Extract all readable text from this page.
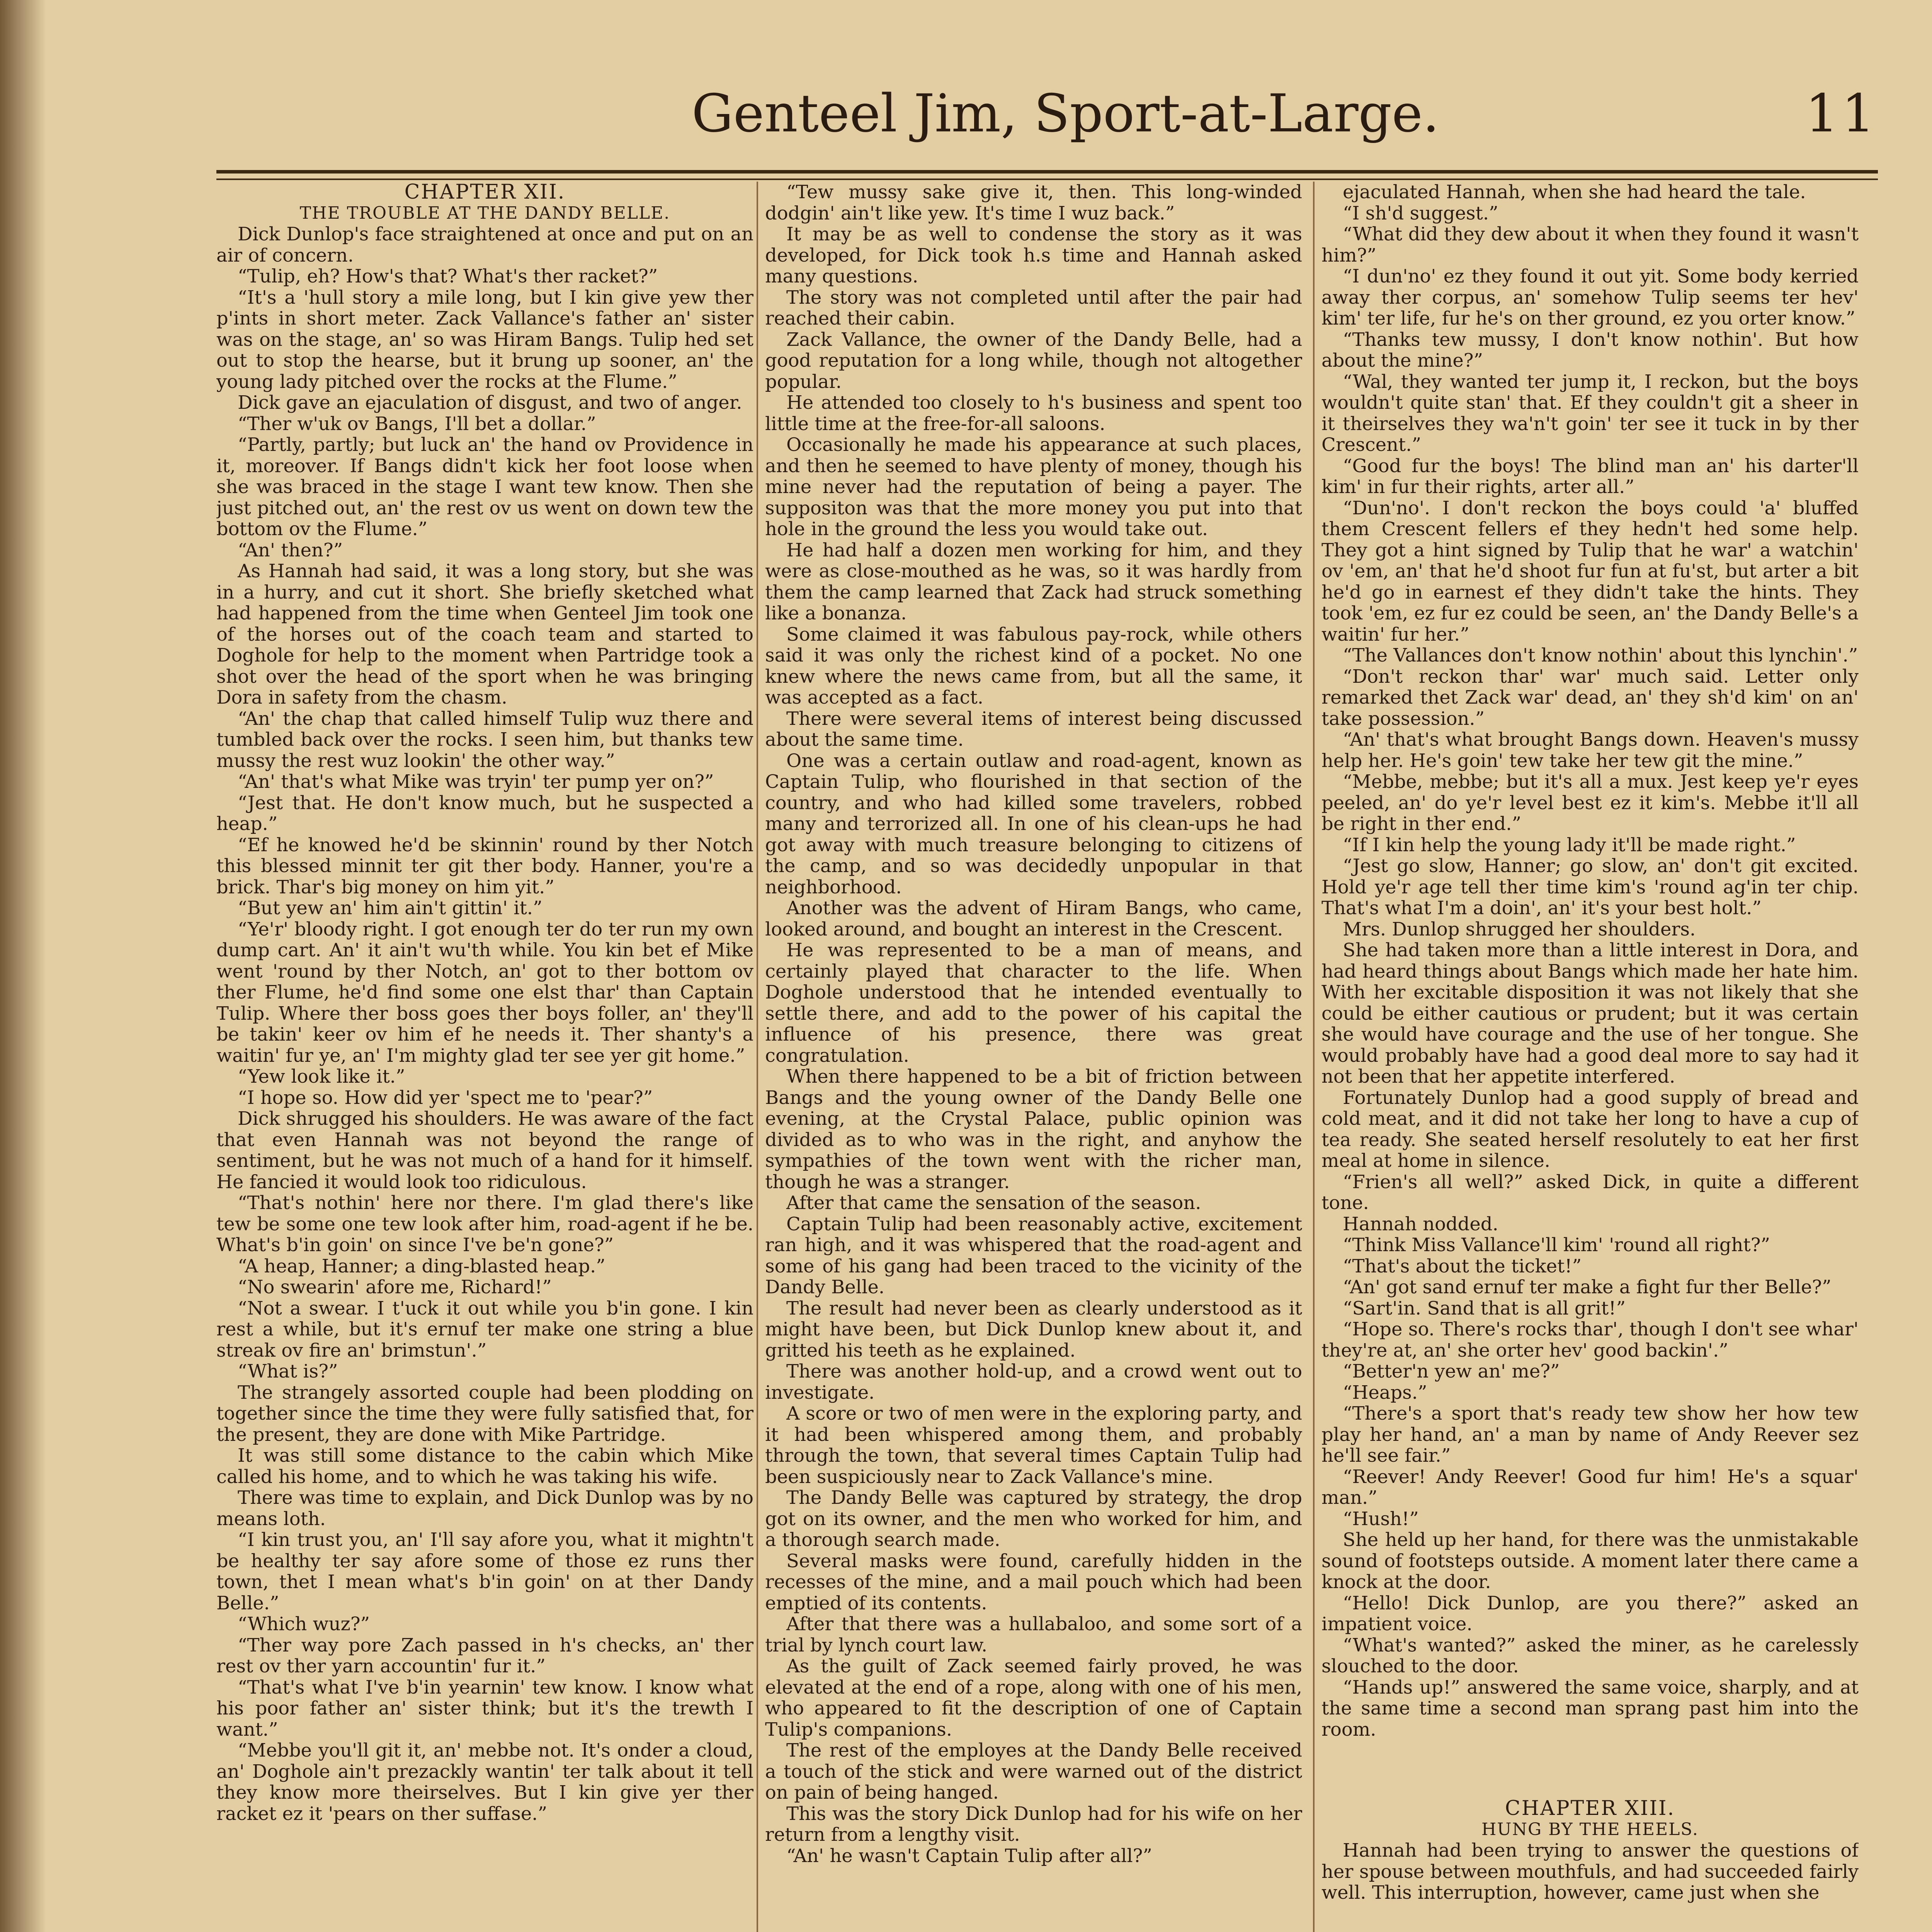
Genteel Jim, Sport-at-Large.	11

CHAPTER XII.

THE TROUBLE AT THE DANDY BELLE.

Dick Dunlop's face straightened at once and put on an air of concern.

“Tulip, eh? How's that? What's ther racket?”

“It's a 'hull story a mile long, but I kin give yew ther p'ints in short meter. Zack Vallance's father an' sister was on the stage, an' so was Hiram Bangs. Tulip hed set out to stop the hearse, but it brung up sooner, an' the young lady pitched over the rocks at the Flume.”

Dick gave an ejaculation of disgust, and two of anger.

“Ther w'uk ov Bangs, I'll bet a dollar.”

“Partly, partly; but luck an' the hand ov Providence in it, moreover. If Bangs didn't kick her foot loose when she was braced in the stage I want tew know. Then she just pitched out, an' the rest ov us went on down tew the bottom ov the Flume.”

“An' then?”

As Hannah had said, it was a long story, but she was in a hurry, and cut it short. She briefly sketched what had happened from the time when Genteel Jim took one of the horses out of the coach team and started to Doghole for help to the moment when Partridge took a shot over the head of the sport when he was bringing Dora in safety from the chasm.

“An' the chap that called himself Tulip wuz there and tumbled back over the rocks. I seen him, but thanks tew mussy the rest wuz lookin' the other way.”

“An' that's what Mike was tryin' ter pump yer on?”

“Jest that. He don't know much, but he suspected a heap.”

“Ef he knowed he'd be skinnin' round by ther Notch this blessed minnit ter git ther body. Hanner, you're a brick. Thar's big money on him yit.”

“But yew an' him ain't gittin' it.”

“Ye'r' bloody right. I got enough ter do ter run my own dump cart. An' it ain't wu'th while. You kin bet ef Mike went 'round by ther Notch, an' got to ther bottom ov ther Flume, he'd find some one elst thar' than Captain Tulip. Where ther boss goes ther boys foller, an' they'll be takin' keer ov him ef he needs it. Ther shanty's a waitin' fur ye, an' I'm mighty glad ter see yer git home.”

“Yew look like it.”

“I hope so. How did yer 'spect me to 'pear?”

Dick shrugged his shoulders. He was aware of the fact that even Hannah was not beyond the range of sentiment, but he was not much of a hand for it himself. He fancied it would look too ridiculous.

“That's nothin' here nor there. I'm glad there's like tew be some one tew look after him, road-agent if he be. What's b'in goin' on since I've be'n gone?”

“A heap, Hanner; a ding-blasted heap.”

“No swearin' afore me, Richard!”

“Not a swear. I t'uck it out while you b'in gone. I kin rest a while, but it's ernuf ter make one string a blue streak ov fire an' brimstun'.”

“What is?”

The strangely assorted couple had been plodding on together since the time they were fully satisfied that, for the present, they are done with Mike Partridge.

It was still some distance to the cabin which Mike called his home, and to which he was taking his wife.

There was time to explain, and Dick Dunlop was by no means loth.

“I kin trust you, an' I'll say afore you, what it mightn't be healthy ter say afore some of those ez runs ther town, thet I mean what's b'in goin' on at ther Dandy Belle.”

“Which wuz?”

“Ther way pore Zach passed in h's checks, an' ther rest ov ther yarn accountin' fur it.”

“That's what I've b'in yearnin' tew know. I know what his poor father an' sister think; but it's the trewth I want.”

“Mebbe you'll git it, an' mebbe not. It's onder a cloud, an' Doghole ain't prezackly wantin' ter talk about it tell they know more theirselves. But I kin give yer ther racket ez it 'pears on ther suffase.”

“Tew mussy sake give it, then. This long-winded dodgin' ain't like yew. It's time I wuz back.”

It may be as well to condense the story as it was developed, for Dick took h.s time and Hannah asked many questions.

The story was not completed until after the pair had reached their cabin.

Zack Vallance, the owner of the Dandy Belle, had a good reputation for a long while, though not altogether popular.

He attended too closely to h's business and spent too little time at the free-for-all saloons.

Occasionally he made his appearance at such places, and then he seemed to have plenty of money, though his mine never had the reputation of being a payer. The suppositon was that the more money you put into that hole in the ground the less you would take out.

He had half a dozen men working for him, and they were as close-mouthed as he was, so it was hardly from them the camp learned that Zack had struck something like a bonanza.

Some claimed it was fabulous pay-rock, while others said it was only the richest kind of a pocket. No one knew where the news came from, but all the same, it was accepted as a fact.

There were several items of interest being discussed about the same time.

One was a certain outlaw and road-agent, known as Captain Tulip, who flourished in that section of the country, and who had killed some travelers, robbed many and terrorized all. In one of his clean-ups he had got away with much treasure belonging to citizens of the camp, and so was decidedly unpopular in that neighborhood.

Another was the advent of Hiram Bangs, who came, looked around, and bought an interest in the Crescent.

He was represented to be a man of means, and certainly played that character to the life. When Doghole understood that he intended eventually to settle there, and add to the power of his capital the influence of his presence, there was great congratulation.

When there happened to be a bit of friction between Bangs and the young owner of the Dandy Belle one evening, at the Crystal Palace, public opinion was divided as to who was in the right, and anyhow the sympathies of the town went with the richer man, though he was a stranger.

After that came the sensation of the season.

Captain Tulip had been reasonably active, excitement ran high, and it was whispered that the road-agent and some of his gang had been traced to the vicinity of the Dandy Belle.

The result had never been as clearly understood as it might have been, but Dick Dunlop knew about it, and gritted his teeth as he explained.

There was another hold-up, and a crowd went out to investigate.

A score or two of men were in the exploring party, and it had been whispered among them, and probably through the town, that several times Captain Tulip had been suspiciously near to Zack Vallance's mine.

The Dandy Belle was captured by strategy, the drop got on its owner, and the men who worked for him, and a thorough search made.

Several masks were found, carefully hidden in the recesses of the mine, and a mail pouch which had been emptied of its contents.

After that there was a hullabaloo, and some sort of a trial by lynch court law.

As the guilt of Zack seemed fairly proved, he was elevated at the end of a rope, along with one of his men, who appeared to fit the description of one of Captain Tulip's companions.

The rest of the employes at the Dandy Belle received a touch of the stick and were warned out of the district on pain of being hanged.

This was the story Dick Dunlop had for his wife on her return from a lengthy visit.

“An' he wasn't Captain Tulip after all?”

ejaculated Hannah, when she had heard the tale.

“I sh'd suggest.”

“What did they dew about it when they found it wasn't him?”

“I dun'no' ez they found it out yit. Some body kerried away ther corpus, an' somehow Tulip seems ter hev' kim' ter life, fur he's on ther ground, ez you orter know.”

“Thanks tew mussy, I don't know nothin'. But how about the mine?”

“Wal, they wanted ter jump it, I reckon, but the boys wouldn't quite stan' that. Ef they couldn't git a sheer in it theirselves they wa'n't goin' ter see it tuck in by ther Crescent.”

“Good fur the boys! The blind man an' his darter'll kim' in fur their rights, arter all.”

“Dun'no'. I don't reckon the boys could 'a' bluffed them Crescent fellers ef they hedn't hed some help. They got a hint signed by Tulip that he war' a watchin' ov 'em, an' that he'd shoot fur fun at fu'st, but arter a bit he'd go in earnest ef they didn't take the hints. They took 'em, ez fur ez could be seen, an' the Dandy Belle's a waitin' fur her.”

“The Vallances don't know nothin' about this lynchin'.”

“Don't reckon thar' war' much said. Letter only remarked thet Zack war' dead, an' they sh'd kim' on an' take possession.”

“An' that's what brought Bangs down. Heaven's mussy help her. He's goin' tew take her tew git the mine.”

“Mebbe, mebbe; but it's all a mux. Jest keep ye'r eyes peeled, an' do ye'r level best ez it kim's. Mebbe it'll all be right in ther end.”

“If I kin help the young lady it'll be made right.”

“Jest go slow, Hanner; go slow, an' don't git excited. Hold ye'r age tell ther time kim's 'round ag'in ter chip. That's what I'm a doin', an' it's your best holt.”

Mrs. Dunlop shrugged her shoulders.

She had taken more than a little interest in Dora, and had heard things about Bangs which made her hate him. With her excitable disposition it was not likely that she could be either cautious or prudent; but it was certain she would have courage and the use of her tongue. She would probably have had a good deal more to say had it not been that her appetite interfered.

Fortunately Dunlop had a good supply of bread and cold meat, and it did not take her long to have a cup of tea ready. She seated herself resolutely to eat her first meal at home in silence.

“Frien's all well?” asked Dick, in quite a different tone.

Hannah nodded.

“Think Miss Vallance'll kim' 'round all right?”

“That's about the ticket!”

“An' got sand ernuf ter make a fight fur ther Belle?”

“Sart'in. Sand that is all grit!”

“Hope so. There's rocks thar', though I don't see whar' they're at, an' she orter hev' good backin'.”

“Better'n yew an' me?”

“Heaps.”

“There's a sport that's ready tew show her how tew play her hand, an' a man by name of Andy Reever sez he'll see fair.”

“Reever! Andy Reever! Good fur him! He's a squar' man.”

“Hush!”

She held up her hand, for there was the unmistakable sound of footsteps outside. A moment later there came a knock at the door.

“Hello! Dick Dunlop, are you there?” asked an impatient voice.

“What's wanted?” asked the miner, as he carelessly slouched to the door.

“Hands up!” answered the same voice, sharply, and at the same time a second man sprang past him into the room.

CHAPTER XIII.

HUNG BY THE HEELS.

Hannah had been trying to answer the questions of her spouse between mouthfuls, and had succeeded fairly well. This interruption, however, came just when she
